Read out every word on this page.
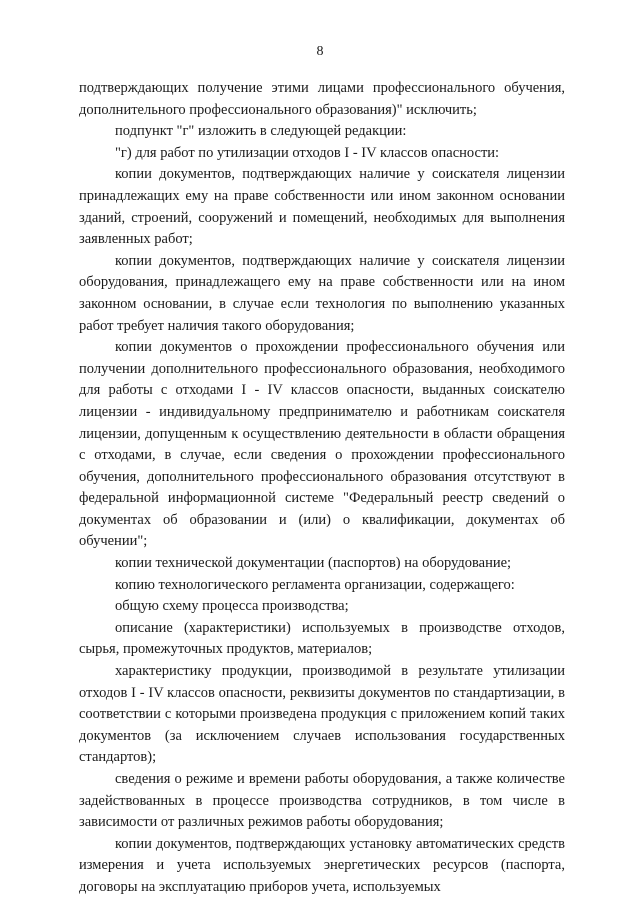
8

подтверждающих получение этими лицами профессионального обучения, дополнительного профессионального образования)" исключить;

подпункт "г" изложить в следующей редакции:

"г) для работ по утилизации отходов I - IV классов опасности:

копии документов, подтверждающих наличие у соискателя лицензии принадлежащих ему на праве собственности или ином законном основании зданий, строений, сооружений и помещений, необходимых для выполнения заявленных работ;

копии документов, подтверждающих наличие у соискателя лицензии оборудования, принадлежащего ему на праве собственности или на ином законном основании, в случае если технология по выполнению указанных работ требует наличия такого оборудования;

копии документов о прохождении профессионального обучения или получении дополнительного профессионального образования, необходимого для работы с отходами I - IV классов опасности, выданных соискателю лицензии - индивидуальному предпринимателю и работникам соискателя лицензии, допущенным к осуществлению деятельности в области обращения с отходами, в случае, если сведения о прохождении профессионального обучения, дополнительного профессионального образования отсутствуют в федеральной информационной системе "Федеральный реестр сведений о документах об образовании и (или) о квалификации, документах об обучении";

копии технической документации (паспортов) на оборудование;

копию технологического регламента организации, содержащего:

общую схему процесса производства;

описание (характеристики) используемых в производстве отходов, сырья, промежуточных продуктов, материалов;

характеристику продукции, производимой в результате утилизации отходов I - IV классов опасности, реквизиты документов по стандартизации, в соответствии с которыми произведена продукция с приложением копий таких документов (за исключением случаев использования государственных стандартов);

сведения о режиме и времени работы оборудования, а также количестве задействованных в процессе производства сотрудников, в том числе в зависимости от различных режимов работы оборудования;

копии документов, подтверждающих установку автоматических средств измерения и учета используемых энергетических ресурсов (паспорта, договоры на эксплуатацию приборов учета, используемых
